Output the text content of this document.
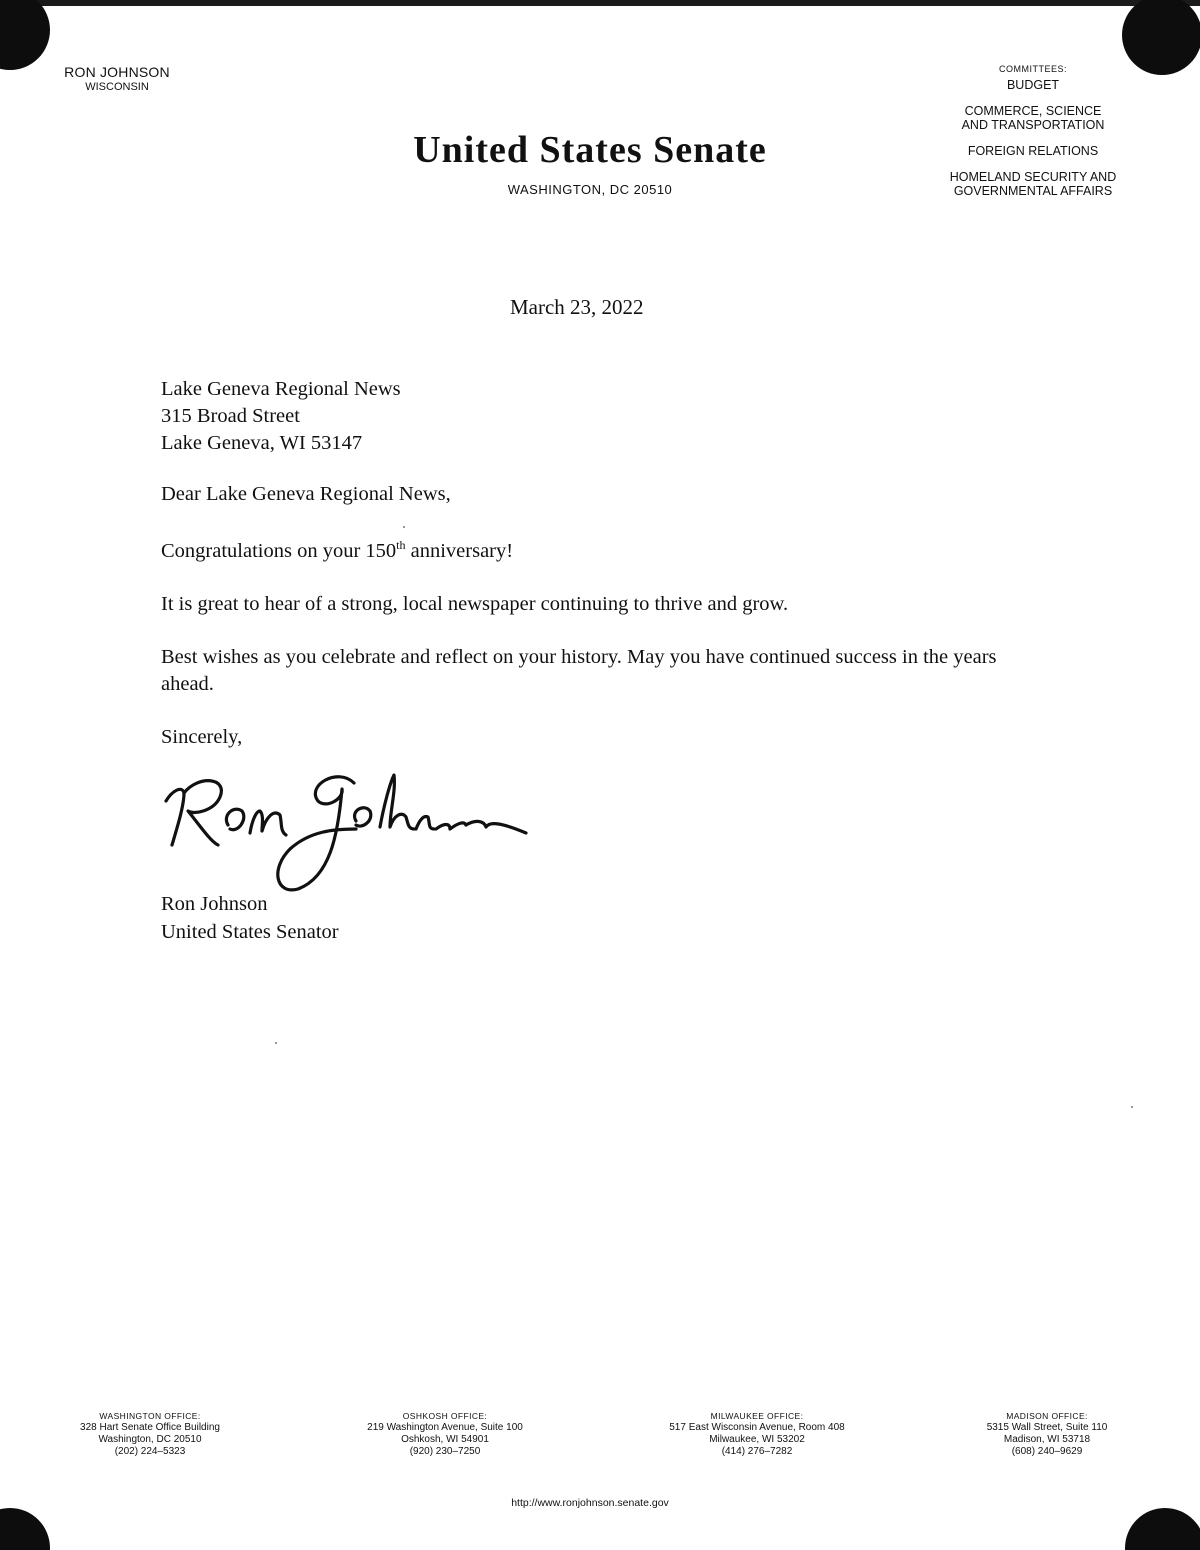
RON JOHNSON
WISCONSIN
United States Senate
WASHINGTON, DC 20510
COMMITTEES:
BUDGET
COMMERCE, SCIENCE
AND TRANSPORTATION
FOREIGN RELATIONS
HOMELAND SECURITY AND
GOVERNMENTAL AFFAIRS
March 23, 2022
Lake Geneva Regional News
315 Broad Street
Lake Geneva, WI 53147

Dear Lake Geneva Regional News,

Congratulations on your 150th anniversary!

It is great to hear of a strong, local newspaper continuing to thrive and grow.

Best wishes as you celebrate and reflect on your history. May you have continued success in the years ahead.

Sincerely,

Ron Johnson
United States Senator
WASHINGTON OFFICE:
328 Hart Senate Office Building
Washington, DC 20510
(202) 224–5323
OSHKOSH OFFICE:
219 Washington Avenue, Suite 100
Oshkosh, WI 54901
(920) 230–7250
MILWAUKEE OFFICE:
517 East Wisconsin Avenue, Room 408
Milwaukee, WI 53202
(414) 276–7282
MADISON OFFICE:
5315 Wall Street, Suite 110
Madison, WI 53718
(608) 240–9629
http://www.ronjohnson.senate.gov
